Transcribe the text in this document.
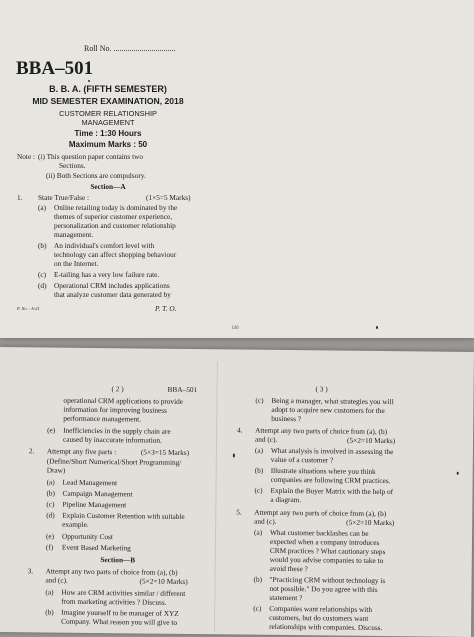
Roll No. ...............................
BBA–501
B. B. A. (FIFTH SEMESTER)
MID SEMESTER EXAMINATION, 2018
CUSTOMER RELATIONSHIP
MANAGEMENT
Time : 1:30 Hours
Maximum Marks : 50
Note : (i) This question paper contains two
Sections.
(ii) Both Sections are compulsory.
Section—A
1. State True/False :	(1×5=5 Marks)
(a) Online retailing today is dominated by the
themes of superior customer experience,
personalization and customer relationship
management.
(b) An individual's comfort level with
technology can affect shopping behaviour
on the Internet.
(c) E-tailing has a very low failure rate.
(d) Operational CRM includes applications
that analyze customer data generated by
F. No. : b-21	P. T. O.
I46
( 2 )	BBA–501
operational CRM applications to provide
information for improving business
performance management.
(e) Inefficiencies in the supply chain are
caused by inaccurate information.
2. Attempt any five parts :	(5×3=15 Marks)
(Define/Short Numerical/Short Programming/
Draw)
(a) Lead Management
(b) Campaign Management
(c) Pipeline Management
(d) Explain Customer Retention with suitable
example.
(e) Opportunity Cost
(f) Event Based Marketing
Section—B
3. Attempt any two parts of choice from (a), (b)
and (c).	(5×2=10 Marks)
(a) How are CRM activities similar / different
from marketing activities ? Discuss.
(b) Imagine yourself to be manager of XYZ
Company. What reason you will give to
( 3 )
(c) Being a manager, what strategies you will
adopt to acquire new customers for the
business ?
4. Attempt any two parts of choice from (a), (b)
and (c).	(5×2=10 Marks)
(a) What analysis is involved in assessing the
value of a customer ?
(b) Illustrate situations where you think
companies are following CRM practices.
(c) Explain the Buyer Matrix with the help of
a diagram.
5. Attempt any two parts of choice from (a), (b)
and (c).	(5×2=10 Marks)
(a) What customer backlashes can be
expected when a company introduces
CRM practices ? What cautionary steps
would you advise companies to take to
avoid these ?
(b) "Practicing CRM without technology is
not possible." Do you agree with this
statement ?
(c) Companies want relationships with
customers, but do customers want
relationships with companies. Discuss.
